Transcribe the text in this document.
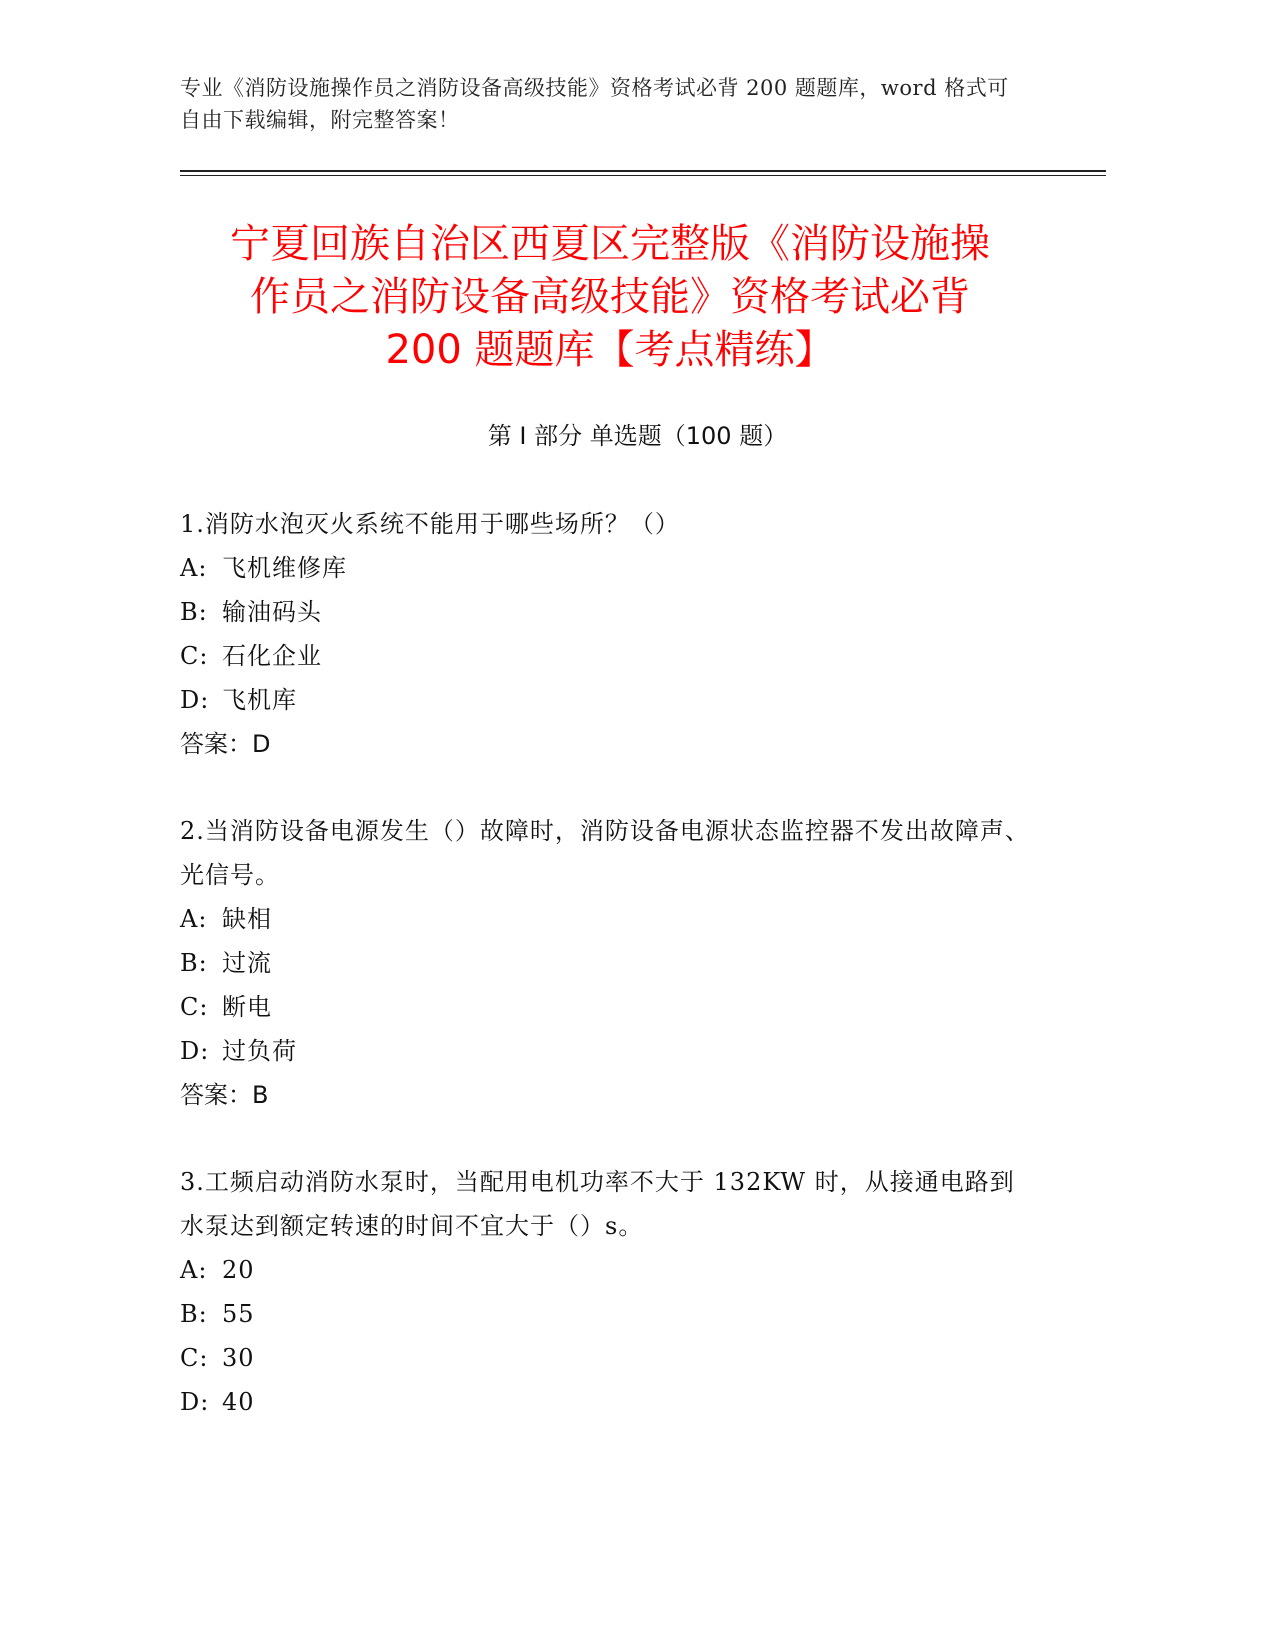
专业《消防设施操作员之消防设备高级技能》资格考试必背 200 题题库，word 格式可自由下载编辑，附完整答案！
宁夏回族自治区西夏区完整版《消防设施操
作员之消防设备高级技能》资格考试必背
200 题题库【考点精练】
第 I 部分 单选题（100 题）

1.消防水泡灭火系统不能用于哪些场所？（）

A: 飞机维修库

B: 输油码头

C: 石化企业

D: 飞机库

答案：D

2.当消防设备电源发生（）故障时，消防设备电源状态监控器不发出故障声、光信号。

A: 缺相

B: 过流

C: 断电

D: 过负荷

答案：B

3.工频启动消防水泵时，当配用电机功率不大于 132KW 时，从接通电路到水泵达到额定转速的时间不宜大于（）s。

A: 20

B: 55

C: 30

D: 40
